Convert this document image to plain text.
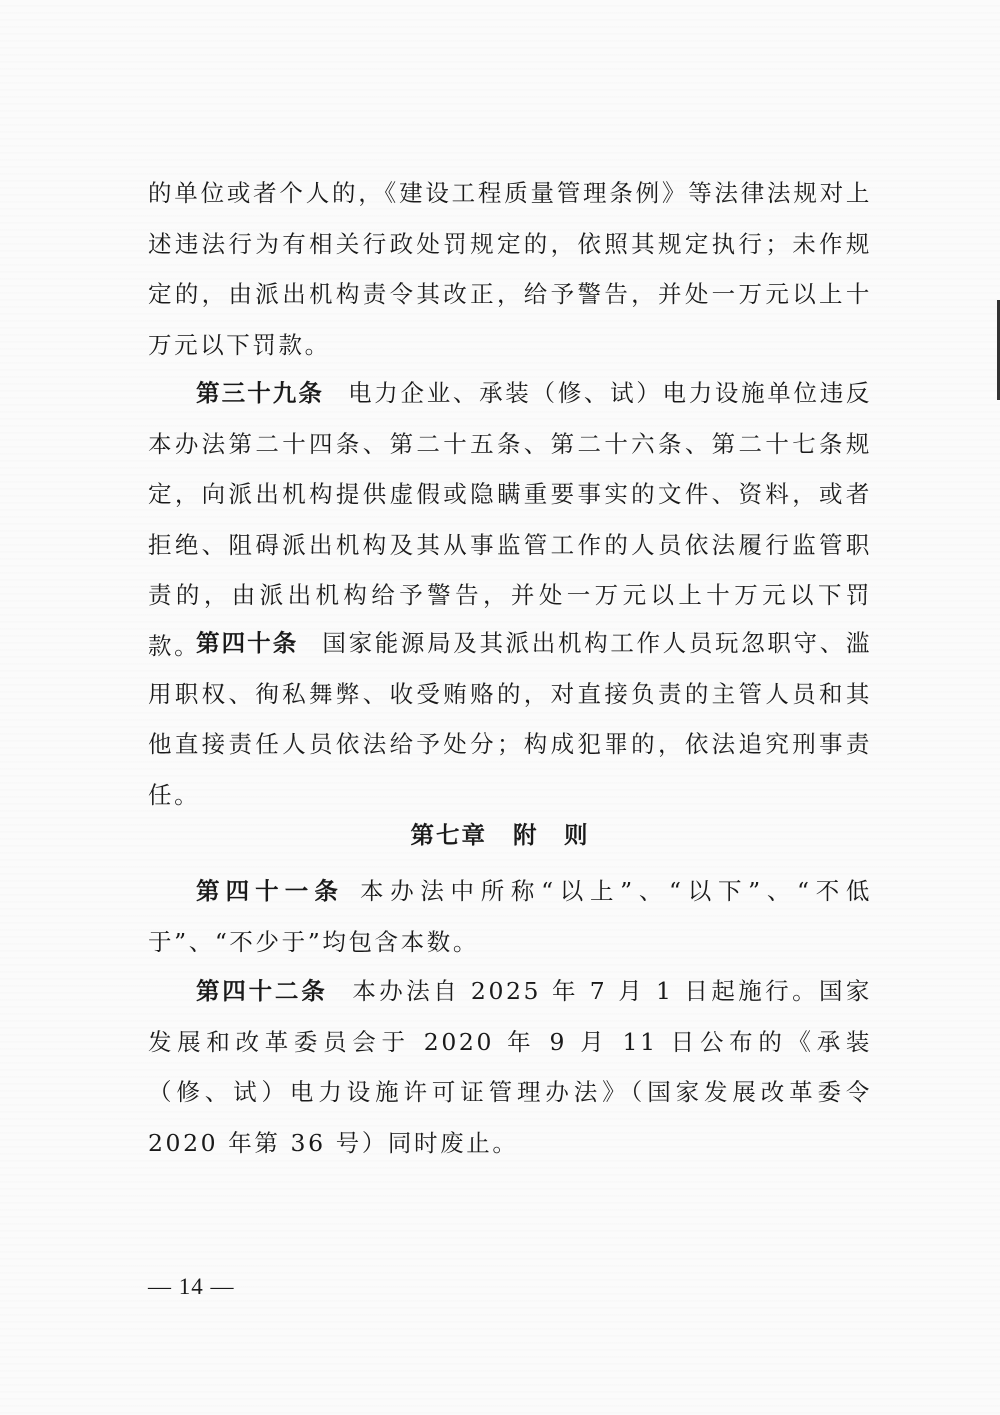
的单位或者个人的，《建设工程质量管理条例》等法律法规对上述违法行为有相关行政处罚规定的，依照其规定执行；未作规定的，由派出机构责令其改正，给予警告，并处一万元以上十万元以下罚款。

第三十九条 电力企业、承装（修、试）电力设施单位违反本办法第二十四条、第二十五条、第二十六条、第二十七条规定，向派出机构提供虚假或隐瞒重要事实的文件、资料，或者拒绝、阻碍派出机构及其从事监管工作的人员依法履行监管职责的，由派出机构给予警告，并处一万元以上十万元以下罚款。

第四十条 国家能源局及其派出机构工作人员玩忽职守、滥用职权、徇私舞弊、收受贿赂的，对直接负责的主管人员和其他直接责任人员依法给予处分；构成犯罪的，依法追究刑事责任。

第七章 附　则

第四十一条 本办法中所称“以上”、“以下”、“不低于”、“不少于”均包含本数。

第四十二条 本办法自 2025 年 7 月 1 日起施行。国家发展和改革委员会于 2020 年 9 月 11 日公布的《承装（修、试）电力设施许可证管理办法》（国家发展改革委令 2020 年第 36 号）同时废止。

— 14 —
